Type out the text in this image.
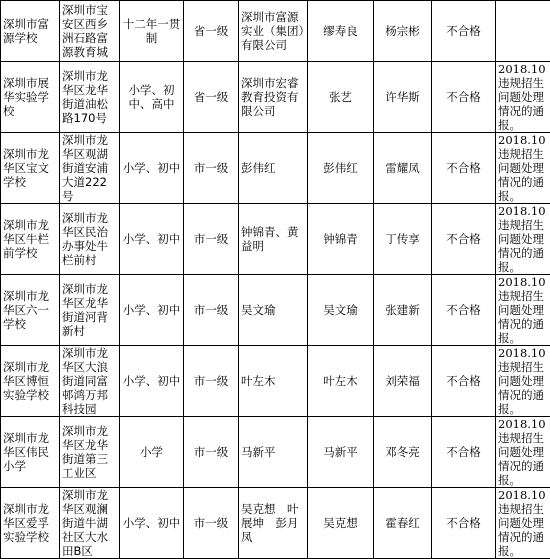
深圳市富源学校	深圳市宝安区西乡洲石路富源教育城	十二年一贯制	省一级	深圳市富源实业（集团）有限公司	缪寿良	杨宗彬	不合格	
深圳市展华实验学校	深圳市龙华区龙华街道油松路170号	小学、初中、高中	省一级	深圳市宏睿教育投资有限公司	张艺	许华斯	不合格	2018.10违规招生问题处理情况的通报。
深圳市龙华区宝文学校	深圳市龙华区观湖街道安浦大道222号	小学、初中	市一级	彭伟红	彭伟红	雷耀凤	不合格	2018.10违规招生问题处理情况的通报。
深圳市龙华区牛栏前学校	深圳市龙华区民治办事处牛栏前村	小学、初中	市一级	钟锦青、黄益明	钟锦青	丁传享	不合格	2018.10违规招生问题处理情况的通报。
深圳市龙华区六一学校	深圳市龙华区龙华街道河背新村	小学、初中	市一级	吴文瑜	吴文瑜	张建新	不合格	2018.10违规招生问题处理情况的通报。
深圳市龙华区博恒实验学校	深圳市龙华区大浪街道同富邨鸿万邦科技园	小学、初中	市一级	叶左木	叶左木	刘荣福	不合格	2018.10违规招生问题处理情况的通报。
深圳市龙华区伟民小学	深圳市龙华区龙华街道第三工业区	小学	市一级	马新平	马新平	邓冬亮	不合格	2018.10违规招生问题处理情况的通报。
深圳市龙华区爱孚实验学校	深圳市龙华区观澜街道牛湖社区大水田B区	小学、初中	市一级	吴克想　叶展坤　彭月凤	吴克想	霍春红	不合格	2018.10违规招生问题处理情况的通报。
